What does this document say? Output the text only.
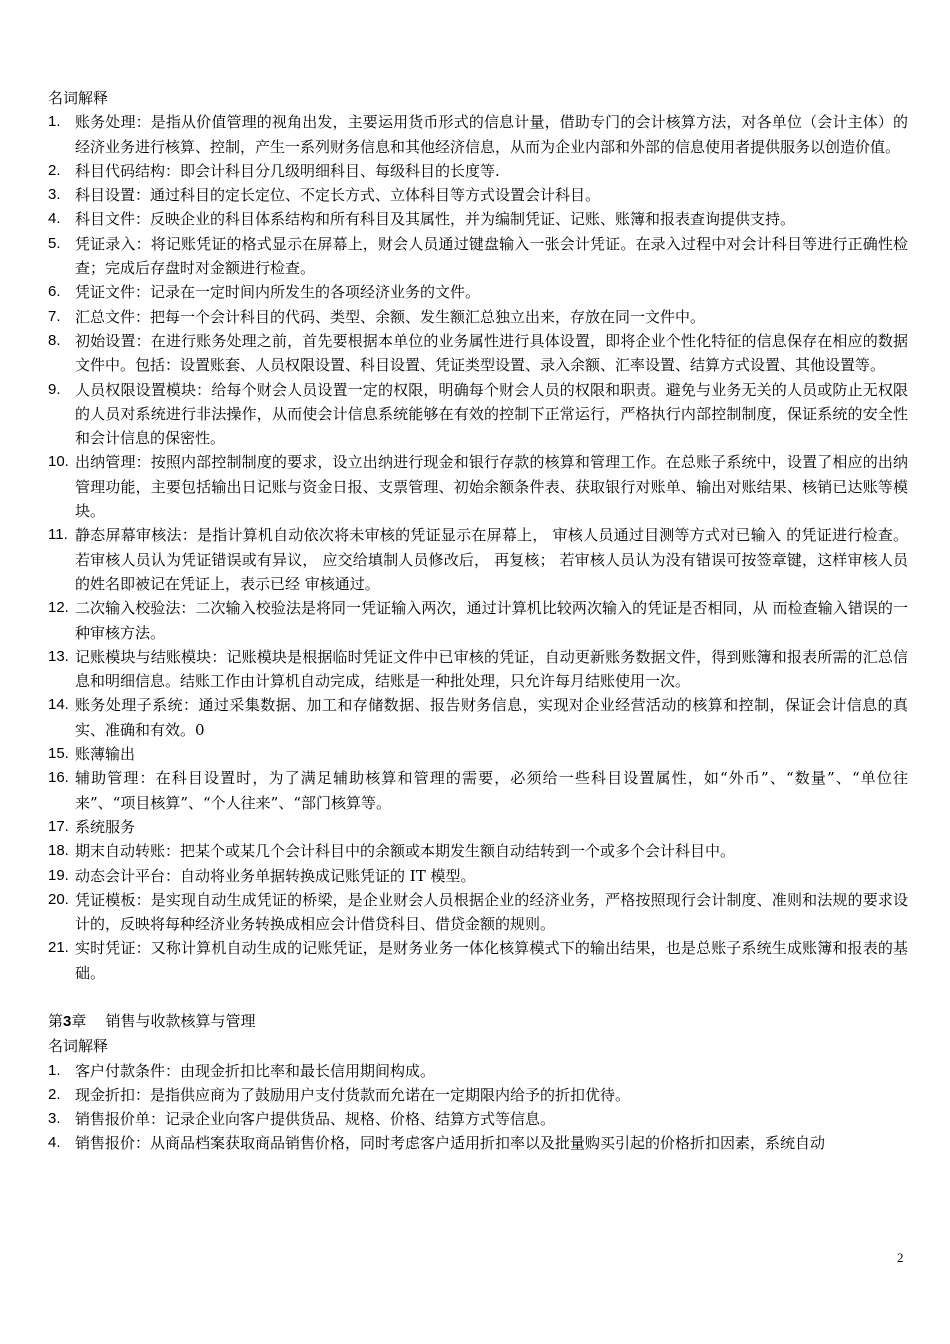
名词解释

1. 账务处理：是指从价值管理的视角出发，主要运用货币形式的信息计量，借助专门的会计核算方法，对各单位（会计主体）的经济业务进行核算、控制，产生一系列财务信息和其他经济信息，从而为企业内部和外部的信息使用者提供服务以创造价值。
2. 科目代码结构：即会计科目分几级明细科目、每级科目的长度等.
3. 科目设置：通过科目的定长定位、不定长方式、立体科目等方式设置会计科目。
4. 科目文件：反映企业的科目体系结构和所有科目及其属性，并为编制凭证、记账、账簿和报表查询提供支持。
5. 凭证录入：将记账凭证的格式显示在屏幕上，财会人员通过键盘输入一张会计凭证。在录入过程中对会计科目等进行正确性检查；完成后存盘时对金额进行检查。
6. 凭证文件：记录在一定时间内所发生的各项经济业务的文件。
7. 汇总文件：把每一个会计科目的代码、类型、余额、发生额汇总独立出来，存放在同一文件中。
8. 初始设置：在进行账务处理之前，首先要根据本单位的业务属性进行具体设置，即将企业个性化特征的信息保存在相应的数据文件中。包括：设置账套、人员权限设置、科目设置、凭证类型设置、录入余额、汇率设置、结算方式设置、其他设置等。
9. 人员权限设置模块：给每个财会人员设置一定的权限，明确每个财会人员的权限和职责。避免与业务无关的人员或防止无权限的人员对系统进行非法操作，从而使会计信息系统能够在有效的控制下正常运行，严格执行内部控制制度，保证系统的安全性和会计信息的保密性。
10. 出纳管理：按照内部控制制度的要求，设立出纳进行现金和银行存款的核算和管理工作。在总账子系统中，设置了相应的出纳管理功能，主要包括输出日记账与资金日报、支票管理、初始余额条件表、获取银行对账单、输出对账结果、核销已达账等模块。
11. 静态屏幕审核法：是指计算机自动依次将未审核的凭证显示在屏幕上， 审核人员通过目测等方式对已输入 的凭证进行检查。 若审核人员认为凭证错误或有异议， 应交给填制人员修改后， 再复核； 若审核人员认为没有错误可按签章键，这样审核人员的姓名即被记在凭证上，表示已经 审核通过。
12. 二次输入校验法：二次输入校验法是将同一凭证输入两次，通过计算机比较两次输入的凭证是否相同，从 而检查输入错误的一种审核方法。
13. 记账模块与结账模块：记账模块是根据临时凭证文件中已审核的凭证，自动更新账务数据文件，得到账簿和报表所需的汇总信息和明细信息。结账工作由计算机自动完成，结账是一种批处理，只允许每月结账使用一次。
14. 账务处理子系统：通过采集数据、加工和存储数据、报告财务信息，实现对企业经营活动的核算和控制，保证会计信息的真实、准确和有效。0
15. 账薄输出
16. 辅助管理：在科目设置时，为了满足辅助核算和管理的需要，必须给一些科目设置属性，如“外币”、“数量”、“单位往来”、“项目核算”、“个人往来”、“部门核算等。
17. 系统服务
18. 期末自动转账：把某个或某几个会计科目中的余额或本期发生额自动结转到一个或多个会计科目中。
19. 动态会计平台：自动将业务单据转换成记账凭证的 IT 模型。
20. 凭证模板：是实现自动生成凭证的桥梁，是企业财会人员根据企业的经济业务，严格按照现行会计制度、准则和法规的要求设计的，反映将每种经济业务转换成相应会计借贷科目、借贷金额的规则。
21. 实时凭证：又称计算机自动生成的记账凭证，是财务业务一体化核算模式下的输出结果，也是总账子系统生成账簿和报表的基础。

第3章 销售与收款核算与管理

名词解释

1. 客户付款条件：由现金折扣比率和最长信用期间构成。
2. 现金折扣：是指供应商为了鼓励用户支付货款而允诺在一定期限内给予的折扣优待。
3. 销售报价单：记录企业向客户提供货品、规格、价格、结算方式等信息。
4. 销售报价：从商品档案获取商品销售价格，同时考虑客户适用折扣率以及批量购买引起的价格折扣因素，系统自动
2
